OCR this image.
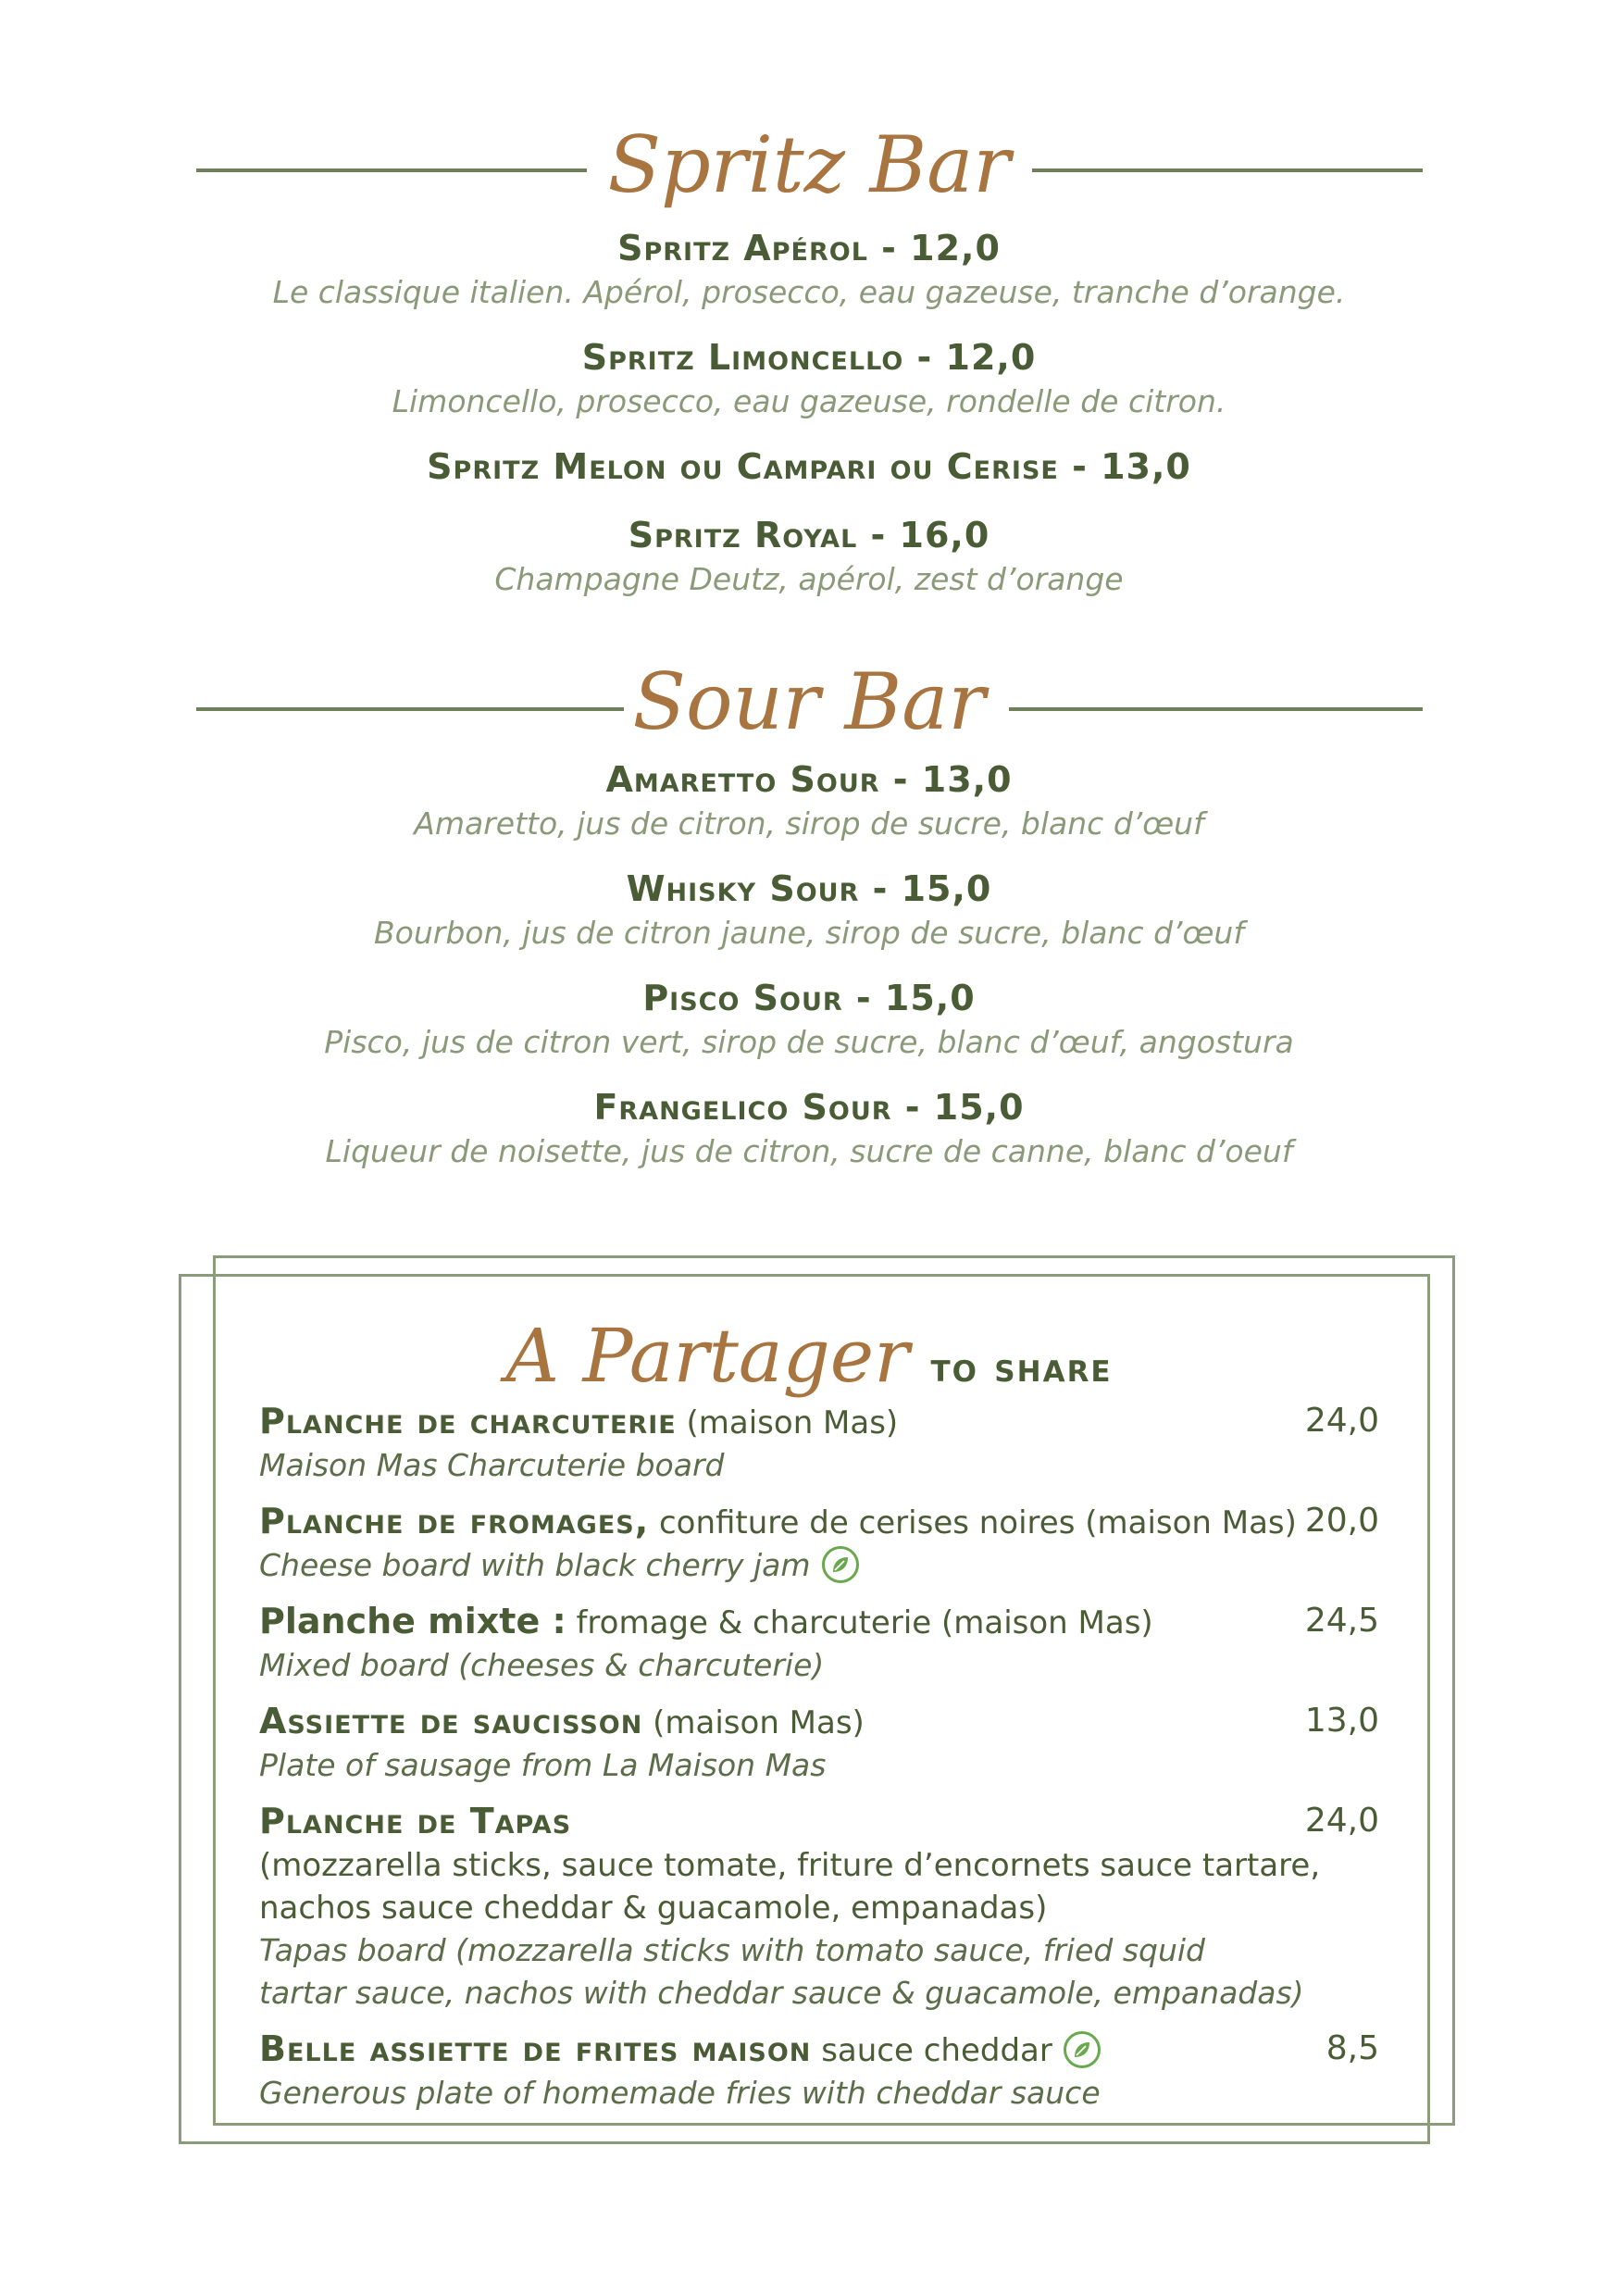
Spritz Bar
Spritz Apérol - 12,0
Le classique italien. Apérol, prosecco, eau gazeuse, tranche d’orange.
Spritz Limoncello - 12,0
Limoncello, prosecco, eau gazeuse, rondelle de citron.
Spritz Melon ou Campari ou Cerise - 13,0
Spritz Royal - 16,0
Champagne Deutz, apérol, zest d’orange
Sour Bar
Amaretto Sour - 13,0
Amaretto, jus de citron, sirop de sucre, blanc d’œuf
Whisky Sour - 15,0
Bourbon, jus de citron jaune, sirop de sucre, blanc d’œuf
Pisco Sour - 15,0
Pisco, jus de citron vert, sirop de sucre, blanc d’œuf, angostura
Frangelico Sour - 15,0
Liqueur de noisette, jus de citron, sucre de canne, blanc d’oeuf
A Partager to share
Planche de charcuterie (maison Mas)	24,0
Maison Mas Charcuterie board
Planche de fromages, confiture de cerises noires (maison Mas) 20,0
Cheese board with black cherry jam
Planche mixte : fromage & charcuterie (maison Mas)	24,5
Mixed board (cheeses & charcuterie)
Assiette de saucisson (maison Mas)	13,0
Plate of sausage from La Maison Mas
Planche de Tapas	24,0
(mozzarella sticks, sauce tomate, friture d’encornets sauce tartare,
nachos sauce cheddar & guacamole, empanadas)
Tapas board (mozzarella sticks with tomato sauce, fried squid
tartar sauce, nachos with cheddar sauce & guacamole, empanadas)
Belle assiette de frites maison sauce cheddar	8,5
Generous plate of homemade fries with cheddar sauce
